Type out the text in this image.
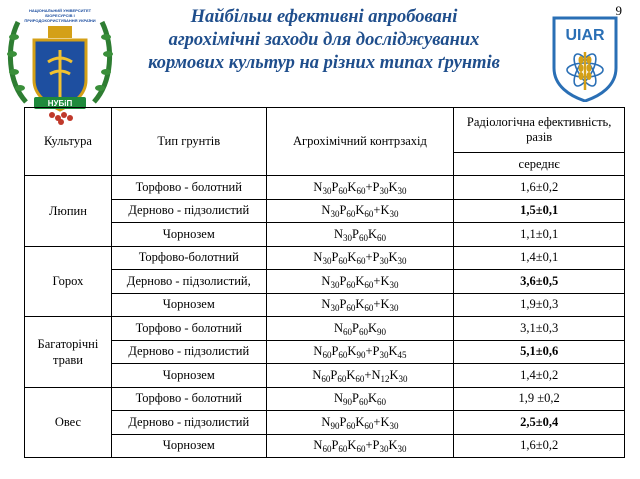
НУБіП
НАЦІОНАЛЬНИЙ УНІВЕРСИТЕТ БІОРЕСУРСІВ І ПРИРОДОКОРИСТУВАННЯ УКРАЇНИ	Найбільш ефективні апробовані
агрохімічні заходи для досліджуваних
кормових культур на різних типах ґрунтів
9
UIAR
Культура	Тип грунтів	Агрохімічний контрзахід	Радіологічна ефективність, разів
			середнє
Люпин	Торфово - болотний	$N_{30}P_{60}K_{60}+P_{30}K_{30}$	1,6±0,2
	Дерново - підзолистий	$N_{30}P_{60}K_{60}+K_{30}$	1,5±0,1
	Чорнозем	$N_{30}P_{60}K_{60}$	1,1±0,1
Горох	Торфово-болотний	$N_{30}P_{60}K_{60}+P_{30}K_{30}$	1,4±0,1
	Дерново - підзолистий,	$N_{30}P_{60}K_{60}+K_{30}$	3,6±0,5
	Чорнозем	$N_{30}P_{60}K_{60}+K_{30}$	1,9±0,3
Багаторічні трави	Торфово - болотний	$N_{60}P_{60}K_{90}$	3,1±0,3
	Дерново - підзолистий	$N_{60}P_{60}K_{90}+P_{30}K_{45}$	5,1±0,6
	Чорнозем	$N_{60}P_{60}K_{60}+N_{12}K_{30}$	1,4±0,2
Овес	Торфово - болотний	$N_{90}P_{60}K_{60}$	1,9 ±0,2
	Дерново - підзолистий	$N_{90}P_{60}K_{60}+K_{30}$	2,5±0,4
	Чорнозем	$N_{60}P_{60}K_{60}+P_{30}K_{30}$	1,6±0,2
